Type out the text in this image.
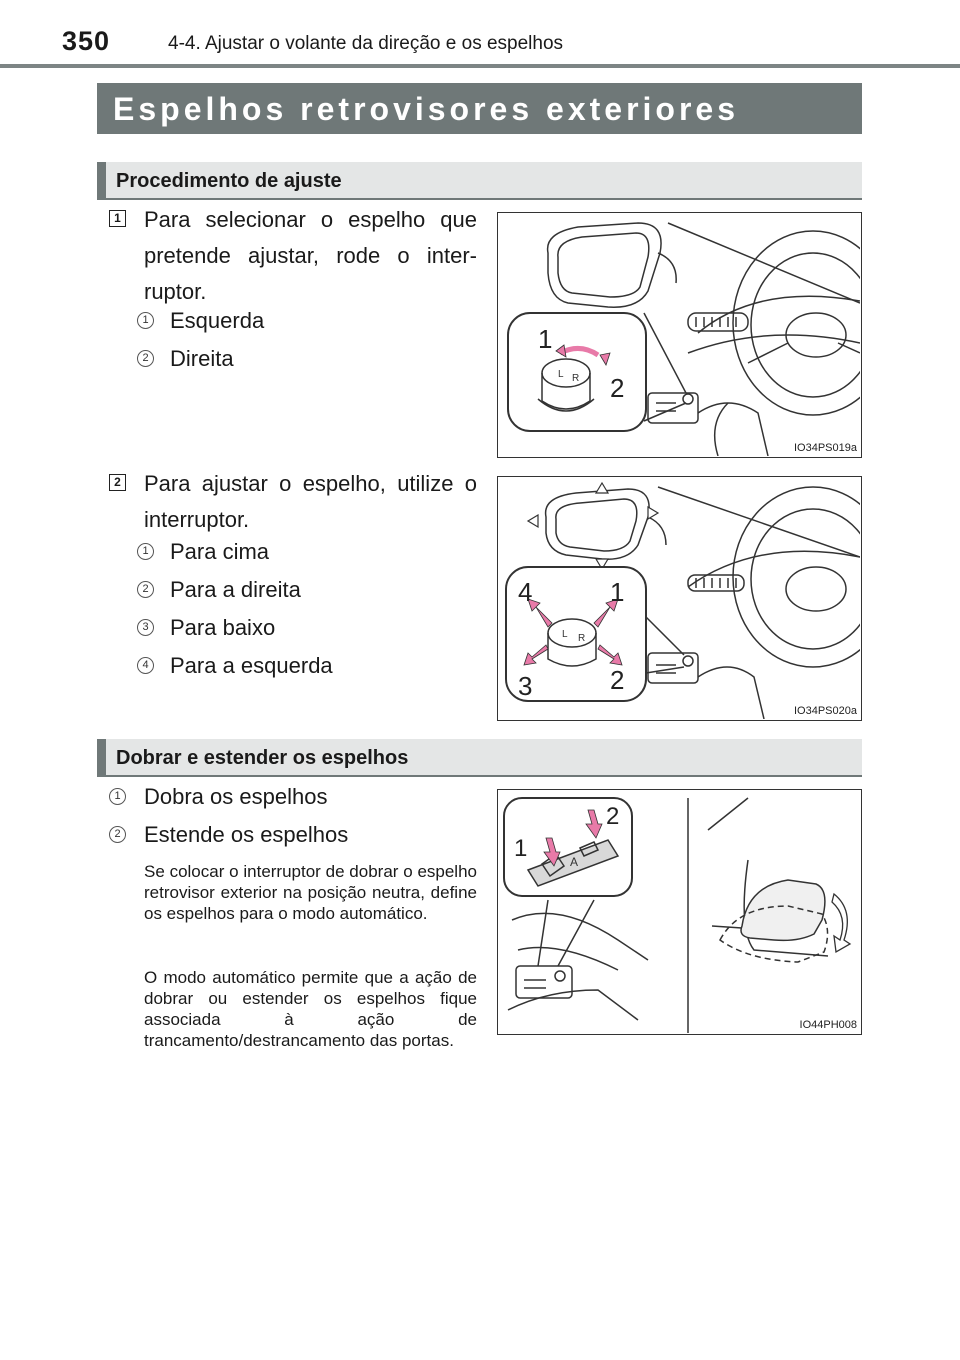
350	4-4. Ajustar o volante da direção e os espelhos
Espelhos retrovisores exteriores
Procedimento de ajuste
1 Para selecionar o espelho que pretende ajustar, rode o inter-ruptor.
1 Esquerda
2 Direita
L R
1
2
IO34PS019a
2 Para ajustar o espelho, utilize o interruptor.
1 Para cima
2 Para a direita
3 Para baixo
4 Para a esquerda
L R
1
2
3
4
IO34PS020a
Dobrar e estender os espelhos
1 Dobra os espelhos
2 Estende os espelhos
Se colocar o interruptor de dobrar o espelho retrovisor exterior na posição neutra, define os espelhos para o modo automático.
O modo automático permite que a ação de dobrar ou estender os espelhos fique associada à ação de trancamento/destrancamento das portas.
A
1
2
IO44PH008
